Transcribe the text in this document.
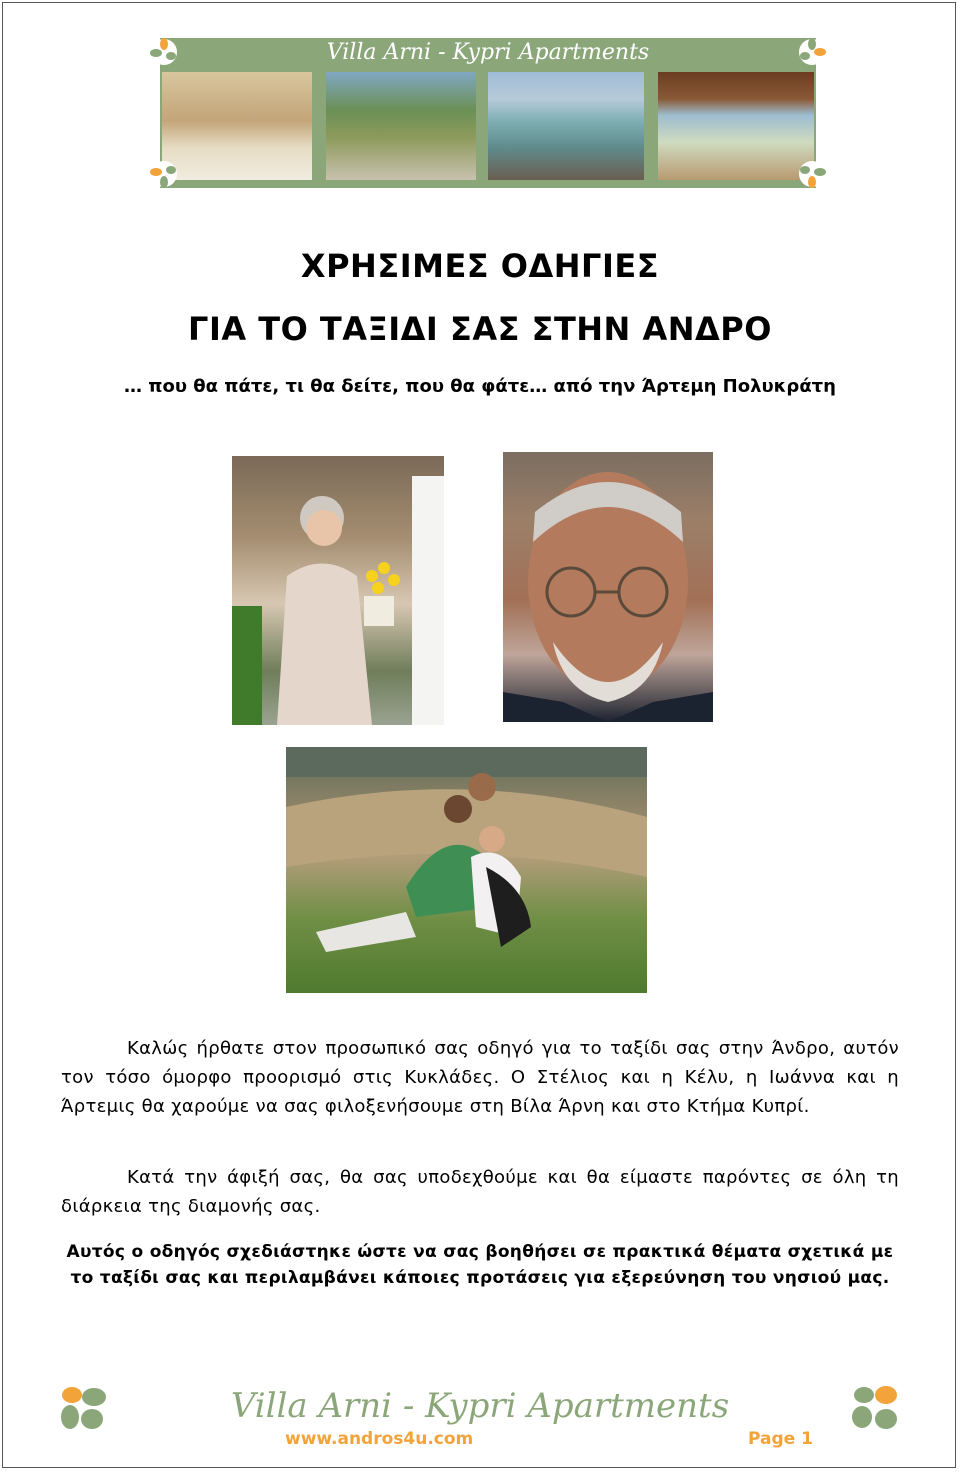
Villa Arni - Kypri Apartments
ΧΡΗΣΙΜΕΣ ΟΔΗΓΙΕΣ
ΓΙΑ ΤΟ ΤΑΞΙΔΙ ΣΑΣ ΣΤΗΝ ΑΝΔΡΟ
… που θα πάτε, τι θα δείτε, που θα φάτε… από την Άρτεμη Πολυκράτη
Καλώς ήρθατε στον προσωπικό σας οδηγό για το ταξίδι σας στην Άνδρο, αυτόν τον τόσο όμορφο προορισμό στις Κυκλάδες. Ο Στέλιος και η Κέλυ, η Ιωάννα και η Άρτεμις θα χαρούμε να σας φιλοξενήσουμε στη Βίλα Άρνη και στο Κτήμα Κυπρί.
Κατά την άφιξή σας, θα σας υποδεχθούμε και θα είμαστε παρόντες σε όλη τη διάρκεια της διαμονής σας.
Αυτός ο οδηγός σχεδιάστηκε ώστε να σας βοηθήσει σε πρακτικά θέματα σχετικά με το ταξίδι σας και περιλαμβάνει κάποιες προτάσεις για εξερεύνηση του νησιού μας.
Villa Arni - Kypri Apartments
www.andros4u.com	Page 1
